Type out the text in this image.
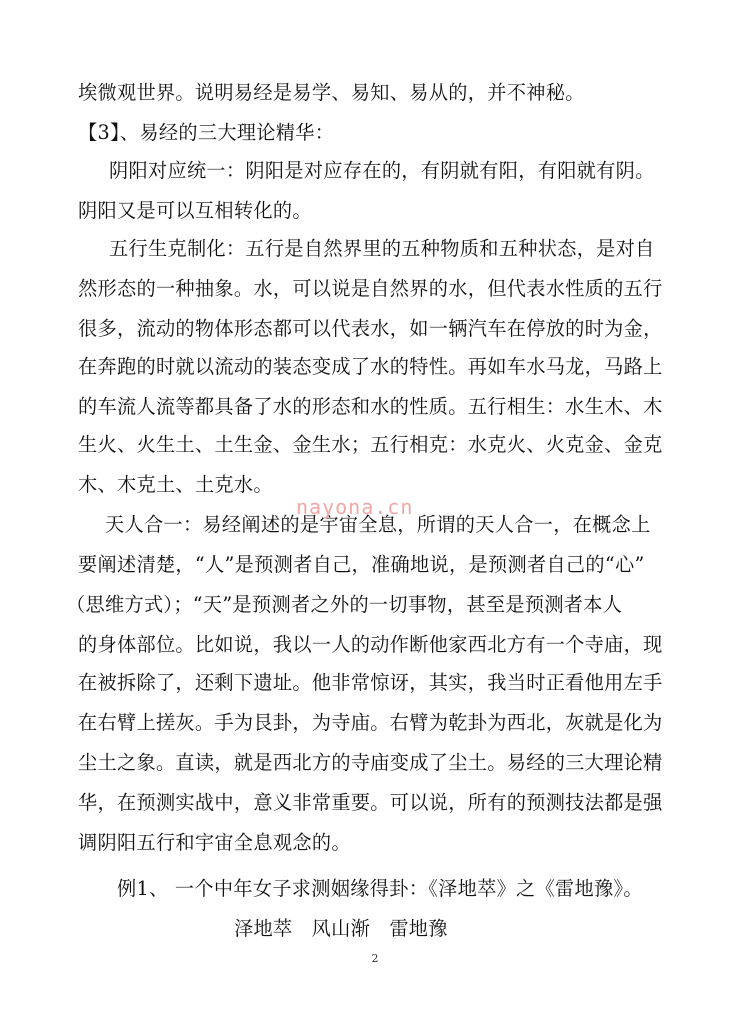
埃微观世界。说明易经是易学、易知、易从的，并不神秘。
【3】、易经的三大理论精华：
阴阳对应统一：阴阳是对应存在的，有阴就有阳，有阳就有阴。
阴阳又是可以互相转化的。
五行生克制化：五行是自然界里的五种物质和五种状态，是对自
然形态的一种抽象。水，可以说是自然界的水，但代表水性质的五行
很多，流动的物体形态都可以代表水，如一辆汽车在停放的时为金，
在奔跑的时就以流动的装态变成了水的特性。再如车水马龙，马路上
的车流人流等都具备了水的形态和水的性质。五行相生：水生木、木
生火、火生土、土生金、金生水；五行相克：水克火、火克金、金克
木、木克土、土克水。
天人合一：易经阐述的是宇宙全息，所谓的天人合一，在概念上
要阐述清楚，“人”是预测者自己，准确地说，是预测者自己的“心”
（思维方式）；“天”是预测者之外的一切事物，甚至是预测者本人
的身体部位。比如说，我以一人的动作断他家西北方有一个寺庙，现
在被拆除了，还剩下遗址。他非常惊讶，其实，我当时正看他用左手
在右臂上搓灰。手为艮卦，为寺庙。右臂为乾卦为西北，灰就是化为
尘土之象。直读，就是西北方的寺庙变成了尘土。易经的三大理论精
华，在预测实战中，意义非常重要。可以说，所有的预测技法都是强
调阴阳五行和宇宙全息观念的。
例1、 一个中年女子求测姻缘得卦：《泽地萃》之《雷地豫》。
泽地萃   风山渐   雷地豫
nayona.cn
2
